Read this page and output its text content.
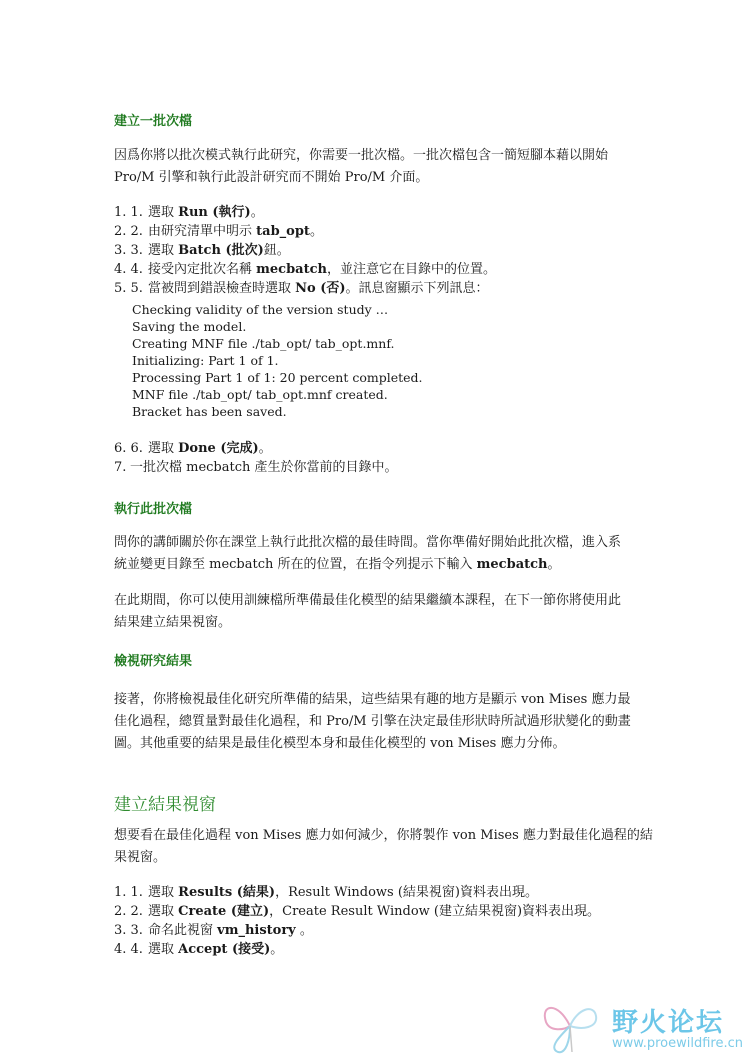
建立一批次檔
因爲你將以批次模式執行此研究，你需要一批次檔。一批次檔包含一簡短腳本藉以開始
Pro/M 引擎和執行此設計研究而不開始 Pro/M 介面。
1. 1. 選取 Run (執行)。
2. 2. 由研究清單中明示 tab_opt。
3. 3. 選取 Batch (批次)鈕。
4. 4. 接受內定批次名稱 mecbatch，並注意它在目錄中的位置。
5. 5. 當被問到錯誤檢查時選取 No (否)。訊息窗顯示下列訊息：
Checking validity of the version study …
Saving the model.
Creating MNF file ./tab_opt/ tab_opt.mnf.
Initializing: Part 1 of 1.
Processing Part 1 of 1: 20 percent completed.
MNF file ./tab_opt/ tab_opt.mnf created.
Bracket has been saved.
6. 6. 選取 Done (完成)。
7. 一批次檔 mecbatch 產生於你當前的目錄中。
執行此批次檔
問你的講師關於你在課堂上執行此批次檔的最佳時間。當你準備好開始此批次檔，進入系
統並變更目錄至 mecbatch 所在的位置，在指令列提示下輸入 mecbatch。
在此期間，你可以使用訓練檔所準備最佳化模型的結果繼續本課程，在下一節你將使用此
結果建立結果視窗。
檢視研究結果
接著，你將檢視最佳化研究所準備的結果，這些結果有趣的地方是顯示 von Mises 應力最
佳化過程，總質量對最佳化過程，和 Pro/M 引擎在決定最佳形狀時所試過形狀變化的動畫
圖。其他重要的結果是最佳化模型本身和最佳化模型的 von Mises 應力分佈。
建立結果視窗
想要看在最佳化過程 von Mises 應力如何減少，你將製作 von Mises 應力對最佳化過程的結
果視窗。
1. 1. 選取 Results (結果)，Result Windows (結果視窗)資料表出現。
2. 2. 選取 Create (建立)，Create Result Window (建立結果視窗)資料表出現。
3. 3. 命名此視窗 vm_history 。
4. 4. 選取 Accept (接受)。
野火论坛
www.proewildfire.cn
